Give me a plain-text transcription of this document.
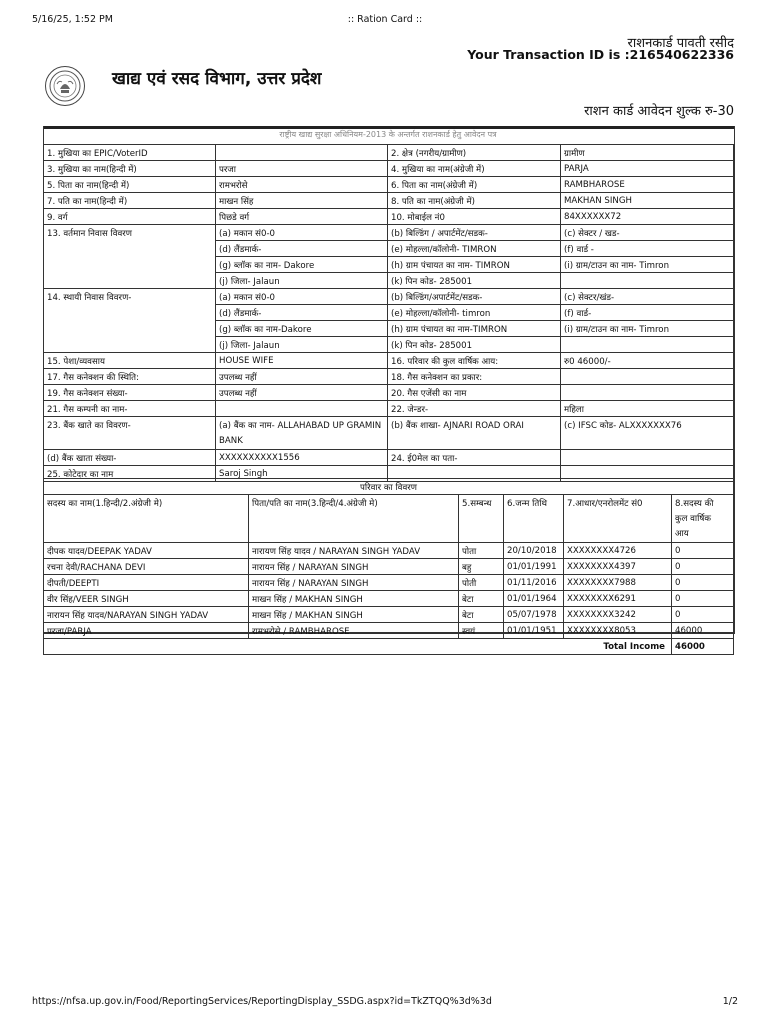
5/16/25, 1:52 PM	:: Ration Card ::
राशनकार्ड पावती रसीद
Your Transaction ID is :216540622336
खाद्य एवं रसद विभाग, उत्तर प्रदेश
राशन कार्ड आवेदन शुल्क रु-30
राष्ट्रीय खाद्य सुरक्षा अधिनियम-2013 के अन्तर्गत राशनकार्ड हेतु आवेदन पत्र
1. मुखिया का EPIC/VoterID		2. क्षेत्र (नगरीय/ग्रामीण)	ग्रामीण
3. मुखिया का नाम(हिन्दी में)	परजा	4. मुखिया का नाम(अंग्रेजी में)	PARJA
5. पिता का नाम(हिन्दी में)	रामभरोसे	6. पिता का नाम(अंग्रेजी में)	RAMBHAROSE
7. पति का नाम(हिन्दी में)	माखन सिंह	8. पति का नाम(अंग्रेजी में)	MAKHAN SINGH
9. वर्ग	पिछडे वर्ग	10. मोबाईल नं0	84XXXXXX72
13. वर्तमान निवास विवरण	(a) मकान सं0-0	(b) बिल्डिंग / अपार्टमेंट/सडक-	(c) सेक्टर / खड-
	(d) लैंडमार्क-	(e) मोहल्ला/कॉलोनी- TIMRON	(f) वार्ड -
	(g) ब्लॉक का नाम- Dakore	(h) ग्राम पंचायत का नाम- TIMRON	(i) ग्राम/टाउन का नाम- Timron
	(j) जिला- Jalaun	(k) पिन कोड- 285001	
14. स्थायी निवास विवरण-	(a) मकान सं0-0	(b) बिल्डिंग/अपार्टमेंट/सडक-	(c) सेक्टर/खंड-
	(d) लैंडमार्क-	(e) मोहल्ला/कॉलोनी- timron	(f) वार्ड-
	(g) ब्लॉक का नाम-Dakore	(h) ग्राम पंचायत का नाम-TIMRON	(i) ग्राम/टाउन का नाम- Timron
	(j) जिला- Jalaun	(k) पिन कोड- 285001	
15. पेशा/व्यवसाय	HOUSE WIFE	16. परिवार की कुल वार्षिक आय:	रु0 46000/-
17. गैस कनेक्शन की स्थिति:	उपलब्ध नहीं	18. गैस कनेक्शन का प्रकार:	
19. गैस कनेक्शन संख्या-	उपलब्ध नहीं	20. गैस एजेंसी का नाम	
21. गैस कम्पनी का नाम-		22. जेन्डर-	महिला
23. बैंक खाते का विवरण-	(a) बैंक का नाम- ALLAHABAD UP GRAMIN
BANK	(b) बैंक शाखा- AJNARI ROAD ORAI	(c) IFSC कोड- ALXXXXXXX76
(d) बैंक खाता संख्या-	XXXXXXXXXX1556	24. ई0मेल का पता-	
25. कोटेदार का नाम	Saroj Singh		
परिवार का विवरण					
सदस्य का नाम(1.हिन्दी/2.अंग्रेजी मे)	पिता/पति का नाम(3.हिन्दी/4.अंग्रेजी मे)	5.सम्बन्ध	6.जन्म तिथि	7.आधार/एनरोलमेंट सं0	8.सदस्य की
कुल वार्षिक
आय

दीपक यादव/DEEPAK YADAV	नारायण सिंह यादव / NARAYAN SINGH YADAV	पोता	20/10/2018	XXXXXXXX4726	0
रचना देवी/RACHANA DEVI	नारायन सिंह / NARAYAN SINGH	बहु	01/01/1991	XXXXXXXX4397	0
दीपती/DEEPTI	नारायन सिंह / NARAYAN SINGH	पोती	01/11/2016	XXXXXXXX7988	0
वीर सिंह/VEER SINGH	माखन सिंह / MAKHAN SINGH	बेटा	01/01/1964	XXXXXXXX6291	0
नारायन सिंह यादव/NARAYAN SINGH YADAV	माखन सिंह / MAKHAN SINGH	बेटा	05/07/1978	XXXXXXXX3242	0
परजा/PARJA	रामभरोसे / RAMBHAROSE	स्वयं	01/01/1951	XXXXXXXX8053	46000
Total Income					46000
https://nfsa.up.gov.in/Food/ReportingServices/ReportingDisplay_SSDG.aspx?id=TkZTQQ%3d%3d	1/2
